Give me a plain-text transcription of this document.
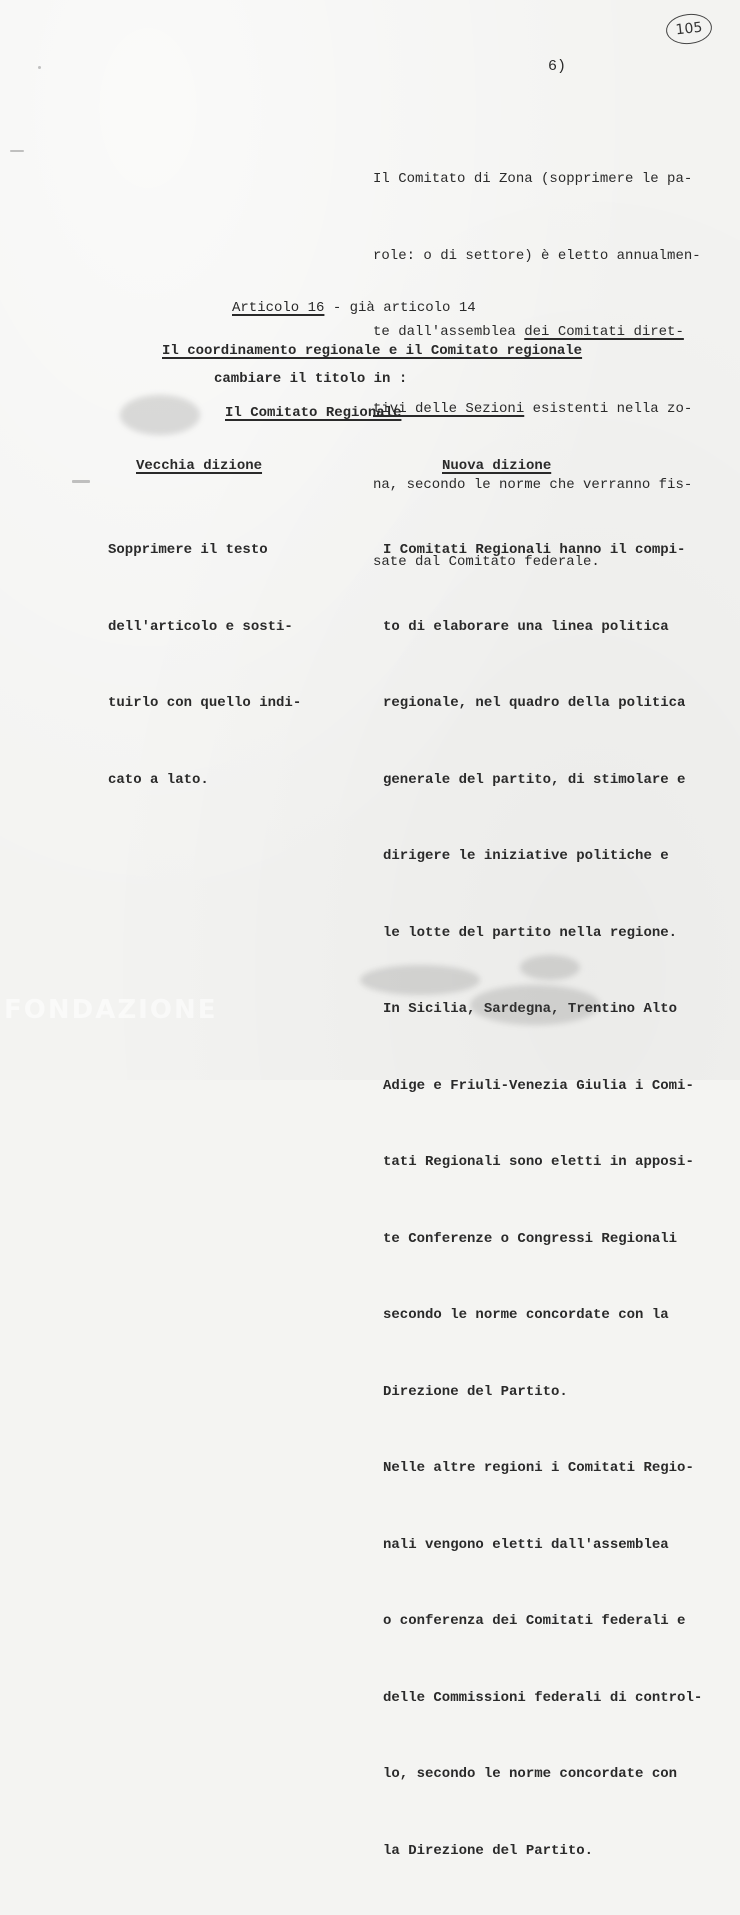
105
6)

Il Comitato di Zona (sopprimere le pa-

role: o di settore) è eletto annualmen-

te dall'assemblea dei Comitati diret-

tivi delle Sezioni esistenti nella zo-

na, secondo le norme che verranno fis-

sate dal Comitato federale.

Articolo 16 - già articolo 14
Il coordinamento regionale e il Comitato regionale
cambiare il titolo in :
Il Comitato Regionale
Vecchia dizione	Nuova dizione

Sopprimere il testo

dell'articolo e sosti-

tuirlo con quello indi-

cato a lato.

I Comitati Regionali hanno il compi-

to di elaborare una linea politica

regionale, nel quadro della politica

generale del partito, di stimolare e

dirigere le iniziative politiche e

le lotte del partito nella regione.

In Sicilia, Sardegna, Trentino Alto

Adige e Friuli-Venezia Giulia i Comi-

tati Regionali sono eletti in apposi-

te Conferenze o Congressi Regionali

secondo le norme concordate con la

Direzione del Partito.

Nelle altre regioni i Comitati Regio-

nali vengono eletti dall'assemblea

o conferenza dei Comitati federali e

delle Commissioni federali di control-

lo, secondo le norme concordate con

la Direzione del Partito.

FONDAZIONE
